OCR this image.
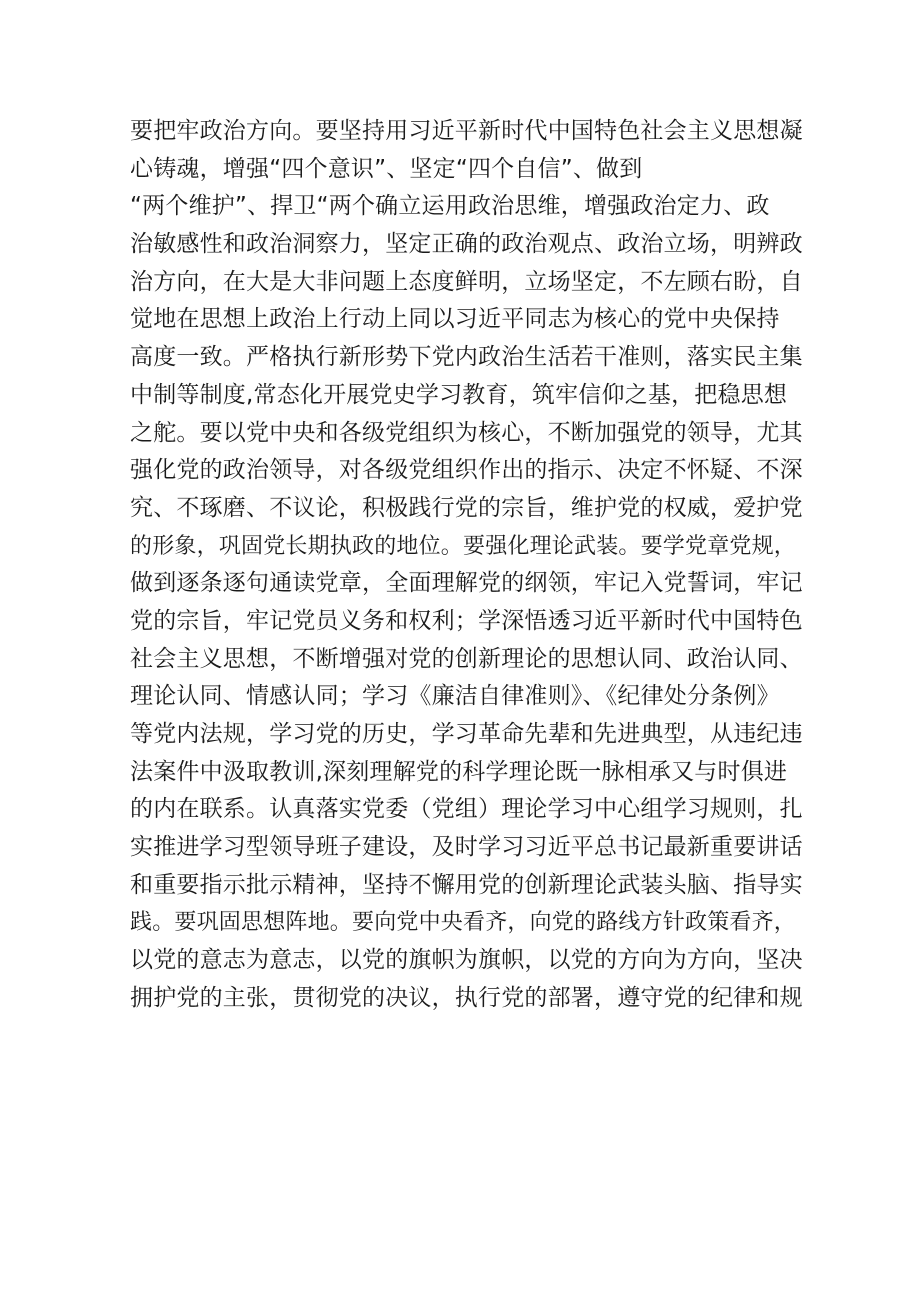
要把牢政治方向。要坚持用习近平新时代中国特色社会主义思想凝
心铸魂，增强“四个意识”、坚定“四个自信”、做到
“两个维护”、捍卫“两个确立运用政治思维，增强政治定力、政
治敏感性和政治洞察力，坚定正确的政治观点、政治立场，明辨政
治方向，在大是大非问题上态度鲜明，立场坚定，不左顾右盼，自
觉地在思想上政治上行动上同以习近平同志为核心的党中央保持
高度一致。严格执行新形势下党内政治生活若干准则，落实民主集
中制等制度,常态化开展党史学习教育，筑牢信仰之基，把稳思想
之舵。要以党中央和各级党组织为核心，不断加强党的领导，尤其
强化党的政治领导，对各级党组织作出的指示、决定不怀疑、不深
究、不琢磨、不议论，积极践行党的宗旨，维护党的权威，爱护党
的形象，巩固党长期执政的地位。要强化理论武装。要学党章党规，
做到逐条逐句通读党章，全面理解党的纲领，牢记入党誓词，牢记
党的宗旨，牢记党员义务和权利；学深悟透习近平新时代中国特色
社会主义思想，不断增强对党的创新理论的思想认同、政治认同、
理论认同、情感认同；学习《廉洁自律准则》、《纪律处分条例》
等党内法规，学习党的历史，学习革命先辈和先进典型，从违纪违
法案件中汲取教训,深刻理解党的科学理论既一脉相承又与时俱进
的内在联系。认真落实党委（党组）理论学习中心组学习规则，扎
实推进学习型领导班子建设，及时学习习近平总书记最新重要讲话
和重要指示批示精神，坚持不懈用党的创新理论武装头脑、指导实
践。要巩固思想阵地。要向党中央看齐，向党的路线方针政策看齐，
以党的意志为意志，以党的旗帜为旗帜，以党的方向为方向，坚决
拥护党的主张，贯彻党的决议，执行党的部署，遵守党的纪律和规
